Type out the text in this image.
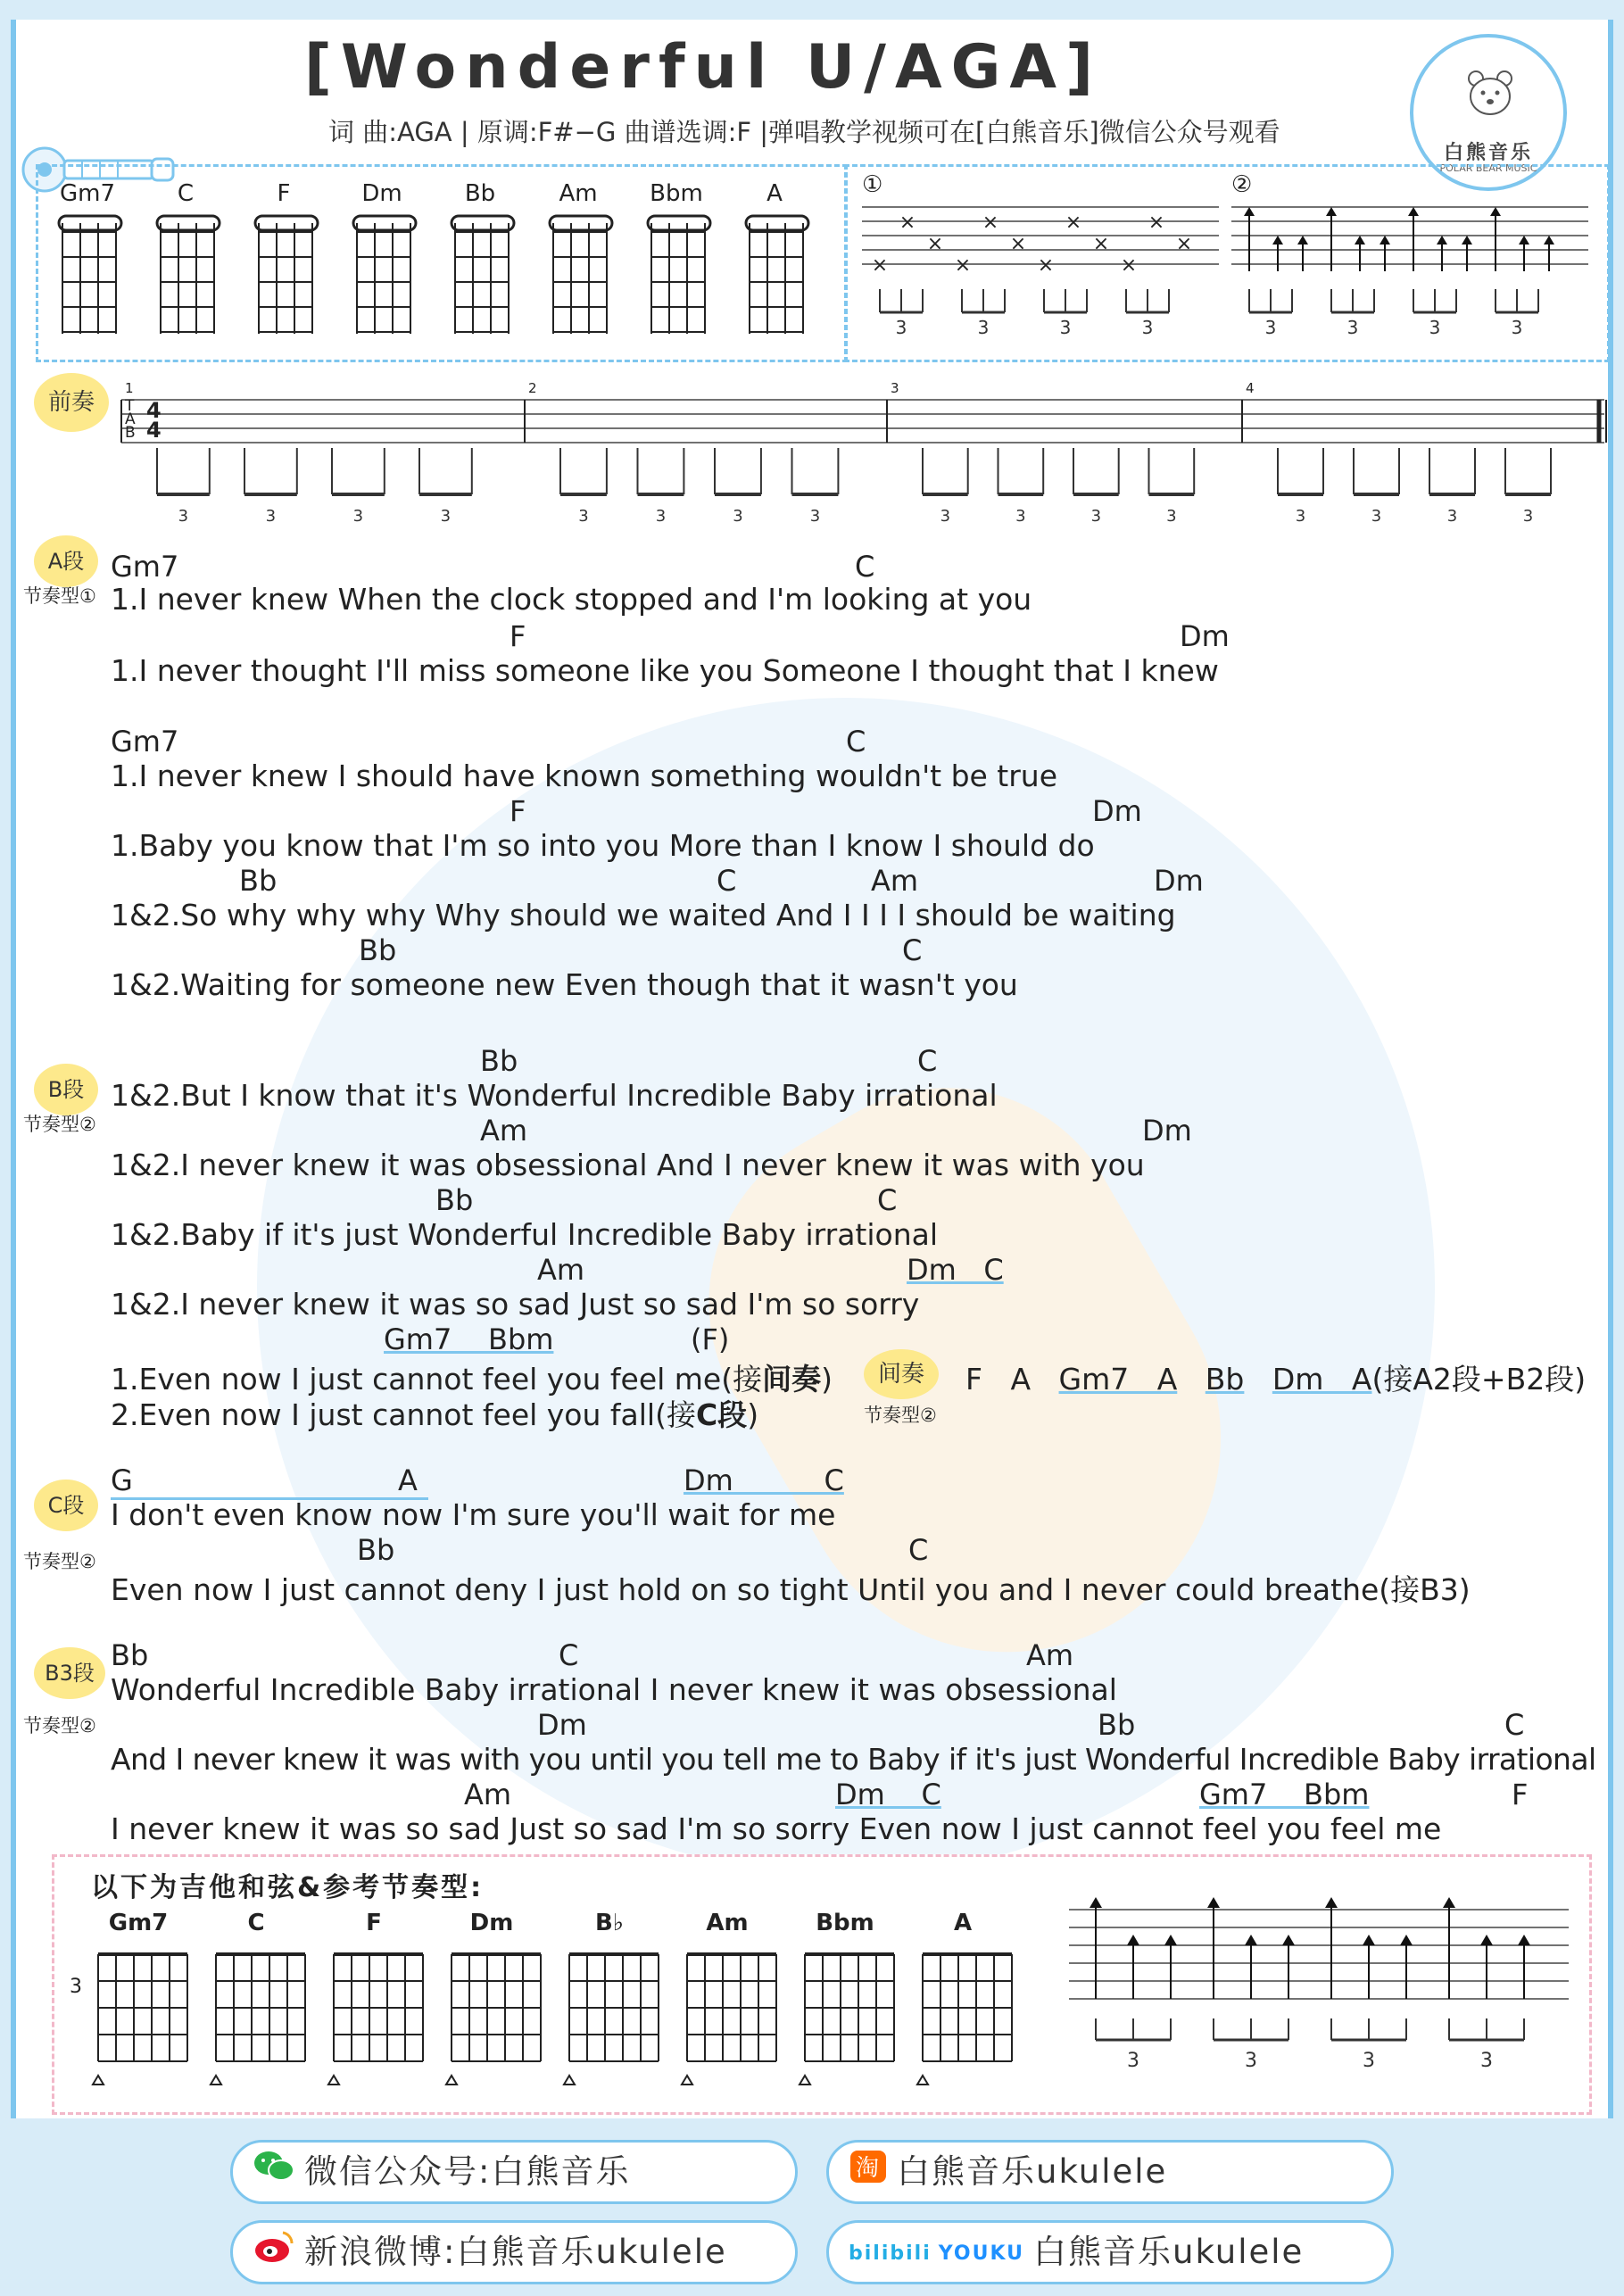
[Wonderful U/AGA]
词 曲:AGA | 原调:F#−G 曲谱选调:F |弹唱教学视频可在[白熊音乐]微信公众号观看
白熊音乐
POLAR BEAR MUSIC
Gm7	C	F	Dm	Bb	Am	Bbm	A	①	②
×
×
×
×
×
×
×
×
×
×
×
×
3	3	3	3	3	3	3	3
前奏	T
A
B
4
4
1	2	3	4
3	3	3	3	3	3	3	3	3	3	3	3	3	3	3	3
A段
节奏型①
Gm7	C
1.I never knew When the clock stopped and I'm looking at you
F	Dm
1.I never thought I'll miss someone like you Someone I thought that I knew
Gm7	C
1.I never knew I should have known something wouldn't be true
F	Dm
1.Baby you know that I'm so into you More than I know I should do
Bb	C	Am	Dm
1&2.So why why why Why should we waited And I I I I should be waiting
Bb	C
1&2.Waiting for someone new Even though that it wasn't you
B段
节奏型②
Bb	C
1&2.But I know that it's Wonderful Incredible Baby irrational
Am	Dm
1&2.I never knew it was obsessional And I never knew it was with you
Bb	C
1&2.Baby if it's just Wonderful Incredible Baby irrational
Am	Dm   C
1&2.I never knew it was so sad Just so sad I'm so sorry
Gm7    Bbm	(F)
1.Even now I just cannot feel you feel me(接间奏)	间奏
节奏型②
F A Gm7   A Bb Dm   A(接A2段+B2段)
2.Even now I just cannot feel you fall(接C段)
C段
节奏型②
G	A	Dm          C
I don't even know now I'm sure you'll wait for me
Bb	C
Even now I just cannot deny I just hold on so tight Until you and I never could breathe(接B3)
B3段
节奏型②
Bb	C	Am
Wonderful Incredible Baby irrational I never knew it was obsessional
Dm	Bb	C
And I never knew it was with you until you tell me to Baby if it's just Wonderful Incredible Baby irrational
Am	Dm    C	Gm7    Bbm	F
I never knew it was so sad Just so sad I'm so sorry Even now I just cannot feel you feel me
以下为吉他和弦&参考节奏型:
Gm7	C	F	Dm	B♭	Am	Bbm	A
3
3	3	3	3
微信公众号:白熊音乐	淘 白熊音乐ukulele
新浪微博:白熊音乐ukulele	bilibili YOUKU 白熊音乐ukulele
